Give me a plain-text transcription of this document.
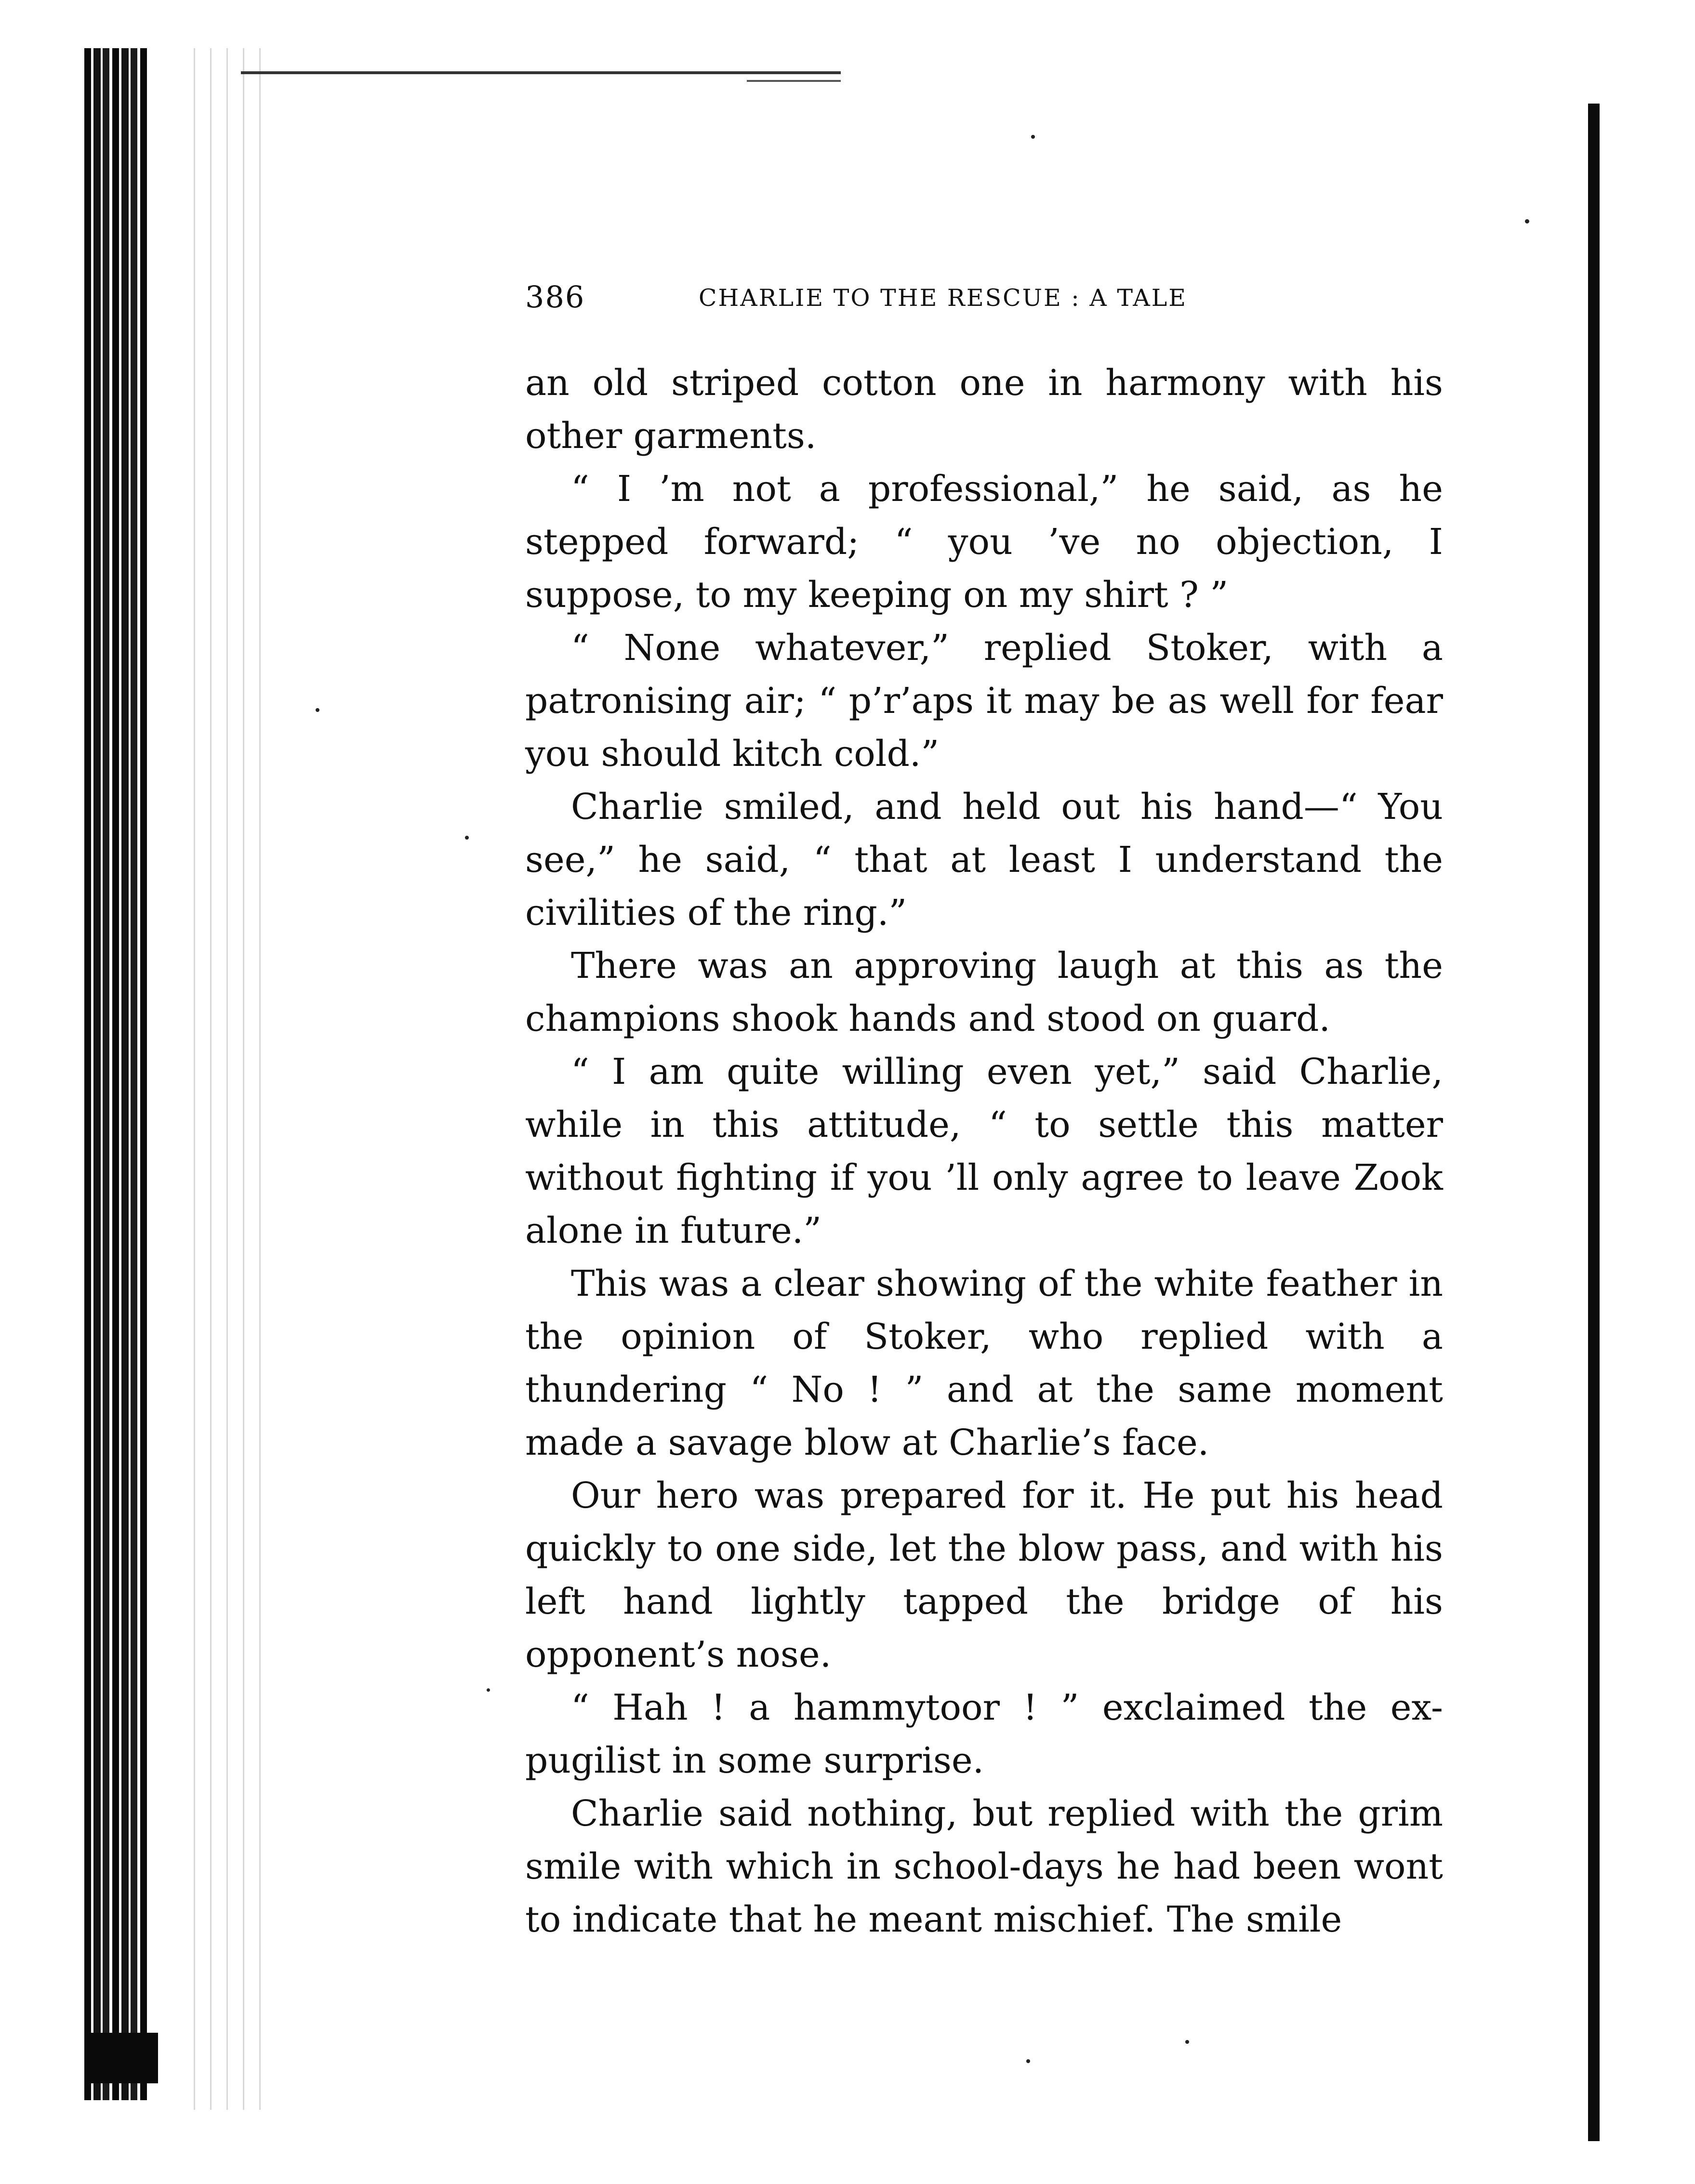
386	CHARLIE TO THE RESCUE : A TALE

an old striped cotton one in harmony with his other garments.

“ I ’m not a professional,” he said, as he stepped forward; “ you ’ve no objection, I suppose, to my keeping on my shirt ? ”

“ None whatever,” replied Stoker, with a patronising air; “ p’r’aps it may be as well for fear you should kitch cold.”

Charlie smiled, and held out his hand—“ You see,” he said, “ that at least I understand the civilities of the ring.”

There was an approving laugh at this as the champions shook hands and stood on guard.

“ I am quite willing even yet,” said Charlie, while in this attitude, “ to settle this matter without fighting if you ’ll only agree to leave Zook alone in future.”

This was a clear showing of the white feather in the opinion of Stoker, who replied with a thundering “ No ! ” and at the same moment made a savage blow at Charlie’s face.

Our hero was prepared for it. He put his head quickly to one side, let the blow pass, and with his left hand lightly tapped the bridge of his opponent’s nose.

“ Hah ! a hammytoor ! ” exclaimed the ex-pugilist in some surprise.

Charlie said nothing, but replied with the grim smile with which in school-days he had been wont to indicate that he meant mischief. The smile
